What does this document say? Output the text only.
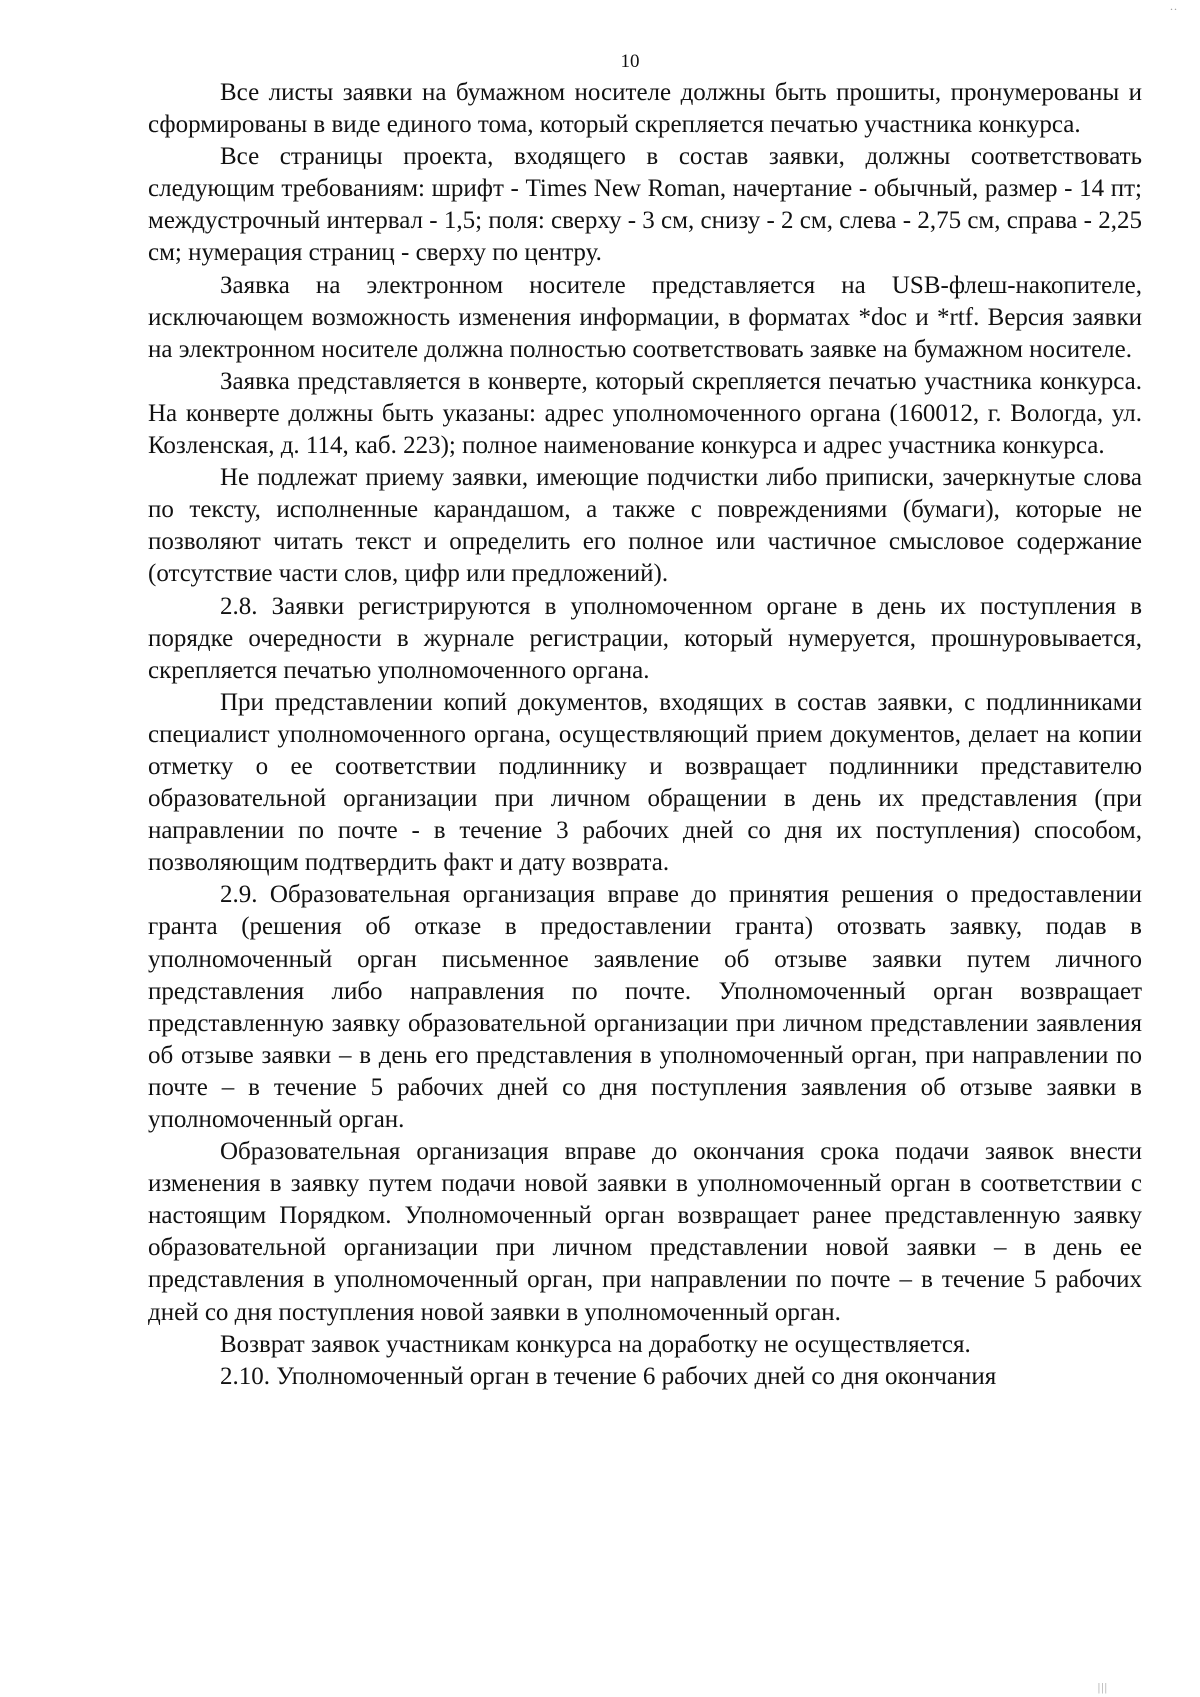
..
10

Все листы заявки на бумажном носителе должны быть прошиты, пронумерованы и сформированы в виде единого тома, который скрепляется печатью участника конкурса.

Все страницы проекта, входящего в состав заявки, должны соответствовать следующим требованиям: шрифт - Times New Roman, начертание - обычный, размер - 14 пт; междустрочный интервал - 1,5; поля: сверху - 3 см, снизу - 2 см, слева - 2,75 см, справа - 2,25 см; нумерация страниц - сверху по центру.

Заявка на электронном носителе представляется на USB-флеш-накопителе, исключающем возможность изменения информации, в форматах *doc и *rtf. Версия заявки на электронном носителе должна полностью соответствовать заявке на бумажном носителе.

Заявка представляется в конверте, который скрепляется печатью участника конкурса. На конверте должны быть указаны: адрес уполномоченного органа (160012, г. Вологда, ул. Козленская, д. 114, каб. 223); полное наименование конкурса и адрес участника конкурса.

Не подлежат приему заявки, имеющие подчистки либо приписки, зачеркнутые слова по тексту, исполненные карандашом, а также с повреждениями (бумаги), которые не позволяют читать текст и определить его полное или частичное смысловое содержание (отсутствие части слов, цифр или предложений).

2.8. Заявки регистрируются в уполномоченном органе в день их поступления в порядке очередности в журнале регистрации, который нумеруется, прошнуровывается, скрепляется печатью уполномоченного органа.

При представлении копий документов, входящих в состав заявки, с подлинниками специалист уполномоченного органа, осуществляющий прием документов, делает на копии отметку о ее соответствии подлиннику и возвращает подлинники представителю образовательной организации при личном обращении в день их представления (при направлении по почте - в течение 3 рабочих дней со дня их поступления) способом, позволяющим подтвердить факт и дату возврата.

2.9. Образовательная организация вправе до принятия решения о предоставлении гранта (решения об отказе в предоставлении гранта) отозвать заявку, подав в уполномоченный орган письменное заявление об отзыве заявки путем личного представления либо направления по почте. Уполномоченный орган возвращает представленную заявку образовательной организации при личном представлении заявления об отзыве заявки – в день его представления в уполномоченный орган, при направлении по почте – в течение 5 рабочих дней со дня поступления заявления об отзыве заявки в уполномоченный орган.

Образовательная организация вправе до окончания срока подачи заявок внести изменения в заявку путем подачи новой заявки в уполномоченный орган в соответствии с настоящим Порядком. Уполномоченный орган возвращает ранее представленную заявку образовательной организации при личном представлении новой заявки – в день ее представления в уполномоченный орган, при направлении по почте – в течение 5 рабочих дней со дня поступления новой заявки в уполномоченный орган.

Возврат заявок участникам конкурса на доработку не осуществляется.

2.10. Уполномоченный орган в течение 6 рабочих дней со дня окончания

|||
